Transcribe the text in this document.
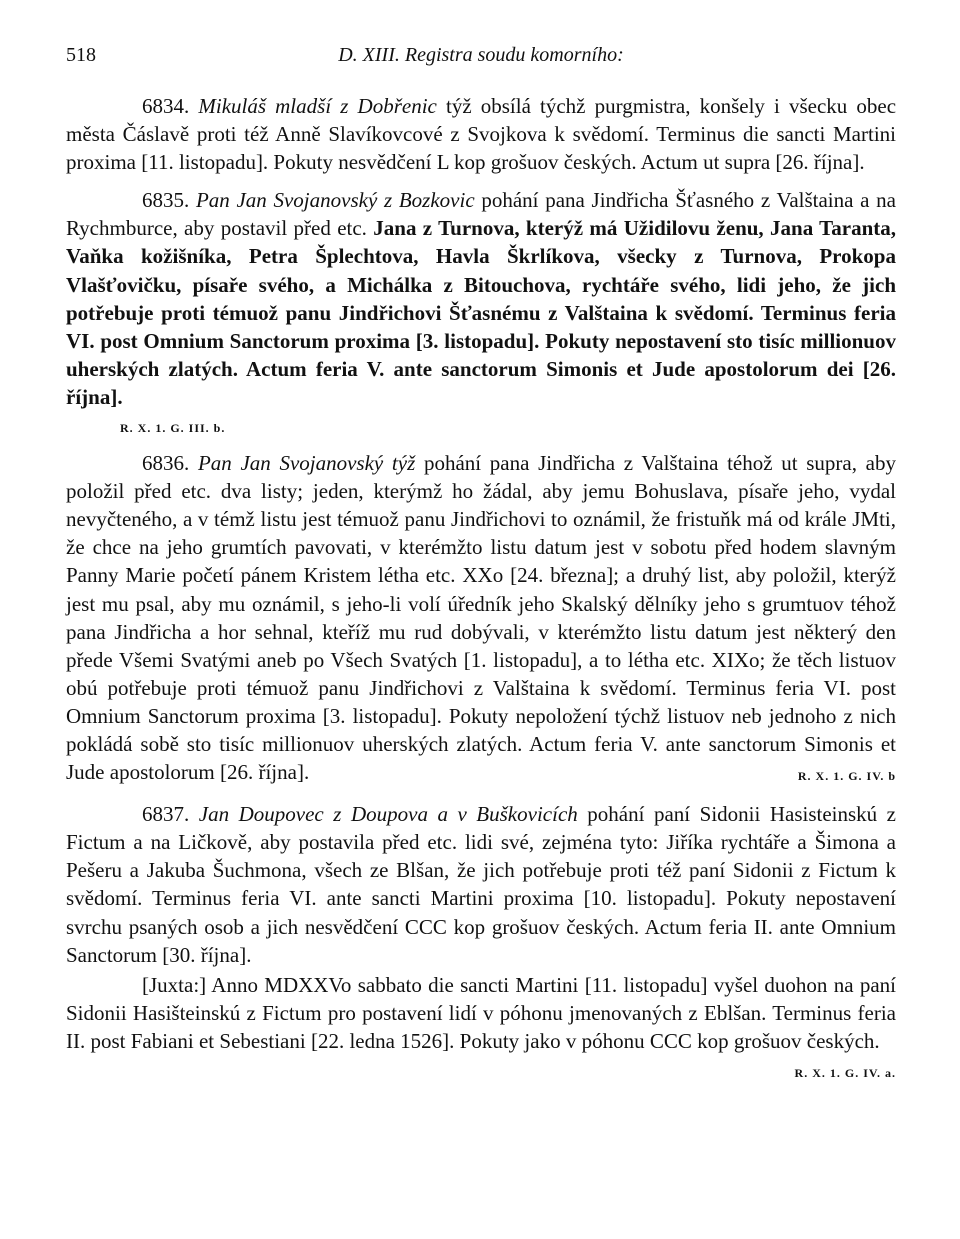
518	D. XIII. Registra soudu komorního:

6834. Mikuláš mladší z Dobřenic týž obsílá týchž purgmistra, konšely i všecku obec města Čáslavě proti též Anně Slavíkovcové z Svojkova k svědomí. Terminus die sancti Martini proxima [11. listopadu]. Pokuty nesvědčení L kop grošuov českých. Actum ut supra [26. října].

6835. Pan Jan Svojanovský z Bozkovic pohání pana Jindřicha Šťasného z Valštaina a na Rychmburce, aby postavil před etc. Jana z Turnova, kterýž má Užidilovu ženu, Jana Taranta, Vaňka kožišníka, Petra Šplechtova, Havla Škrlíkova, všecky z Turnova, Prokopa Vlašťovičku, písaře svého, a Michálka z Bitouchova, rychtáře svého, lidi jeho, že jich potřebuje proti témuož panu Jindřichovi Šťasnému z Valštaina k svědomí. Terminus feria VI. post Omnium Sanctorum proxima [3. listopadu]. Pokuty nepostavení sto tisíc millionuov uherských zlatých. Actum feria V. ante sanctorum Simonis et Jude apostolorum dei [26. října].

R. X. 1. G. III. b.

6836. Pan Jan Svojanovský týž pohání pana Jindřicha z Valštaina téhož ut supra, aby položil před etc. dva listy; jeden, kterýmž ho žádal, aby jemu Bohuslava, písaře jeho, vydal nevyčteného, a v témž listu jest témuož panu Jindřichovi to oznámil, že fristuňk má od krále JMti, že chce na jeho grumtích pavovati, v kterémžto listu datum jest v sobotu před hodem slavným Panny Marie početí pánem Kristem létha etc. XXo [24. března]; a druhý list, aby položil, kterýž jest mu psal, aby mu oznámil, s jeho-li volí úředník jeho Skalský dělníky jeho s grumtuov téhož pana Jindřicha a hor sehnal, kteříž mu rud dobývali, v kterémžto listu datum jest některý den přede Všemi Svatými aneb po Všech Svatých [1. listopadu], a to létha etc. XIXo; že těch listuov obú potřebuje proti témuož panu Jindřichovi z Valštaina k svědomí. Terminus feria VI. post Omnium Sanctorum proxima [3. listopadu]. Pokuty nepoložení týchž listuov neb jednoho z nich pokládá sobě sto tisíc millionuov uherských zlatých. Actum feria V. ante sanctorum Simonis et Jude apostolorum [26. října].	R. X. 1. G. IV. b

6837. Jan Doupovec z Doupova a v Buškovicích pohání paní Sidonii Hasisteinskú z Fictum a na Ličkově, aby postavila před etc. lidi své, zejména tyto: Jiříka rychtáře a Šimona a Pešeru a Jakuba Šuchmona, všech ze Blšan, že jich potřebuje proti též paní Sidonii z Fictum k svědomí. Terminus feria VI. ante sancti Martini proxima [10. listopadu]. Pokuty nepostavení svrchu psaných osob a jich nesvědčení CCC kop grošuov českých. Actum feria II. ante Omnium Sanctorum [30. října].

[Juxta:] Anno MDXXVo sabbato die sancti Martini [11. listopadu] vyšel duohon na paní Sidonii Hasišteinskú z Fictum pro postavení lidí v póhonu jmenovaných z Eblšan. Terminus feria II. post Fabiani et Sebestiani [22. ledna 1526]. Pokuty jako v póhonu CCC kop grošuov českých.
R. X. 1. G. IV. a.
